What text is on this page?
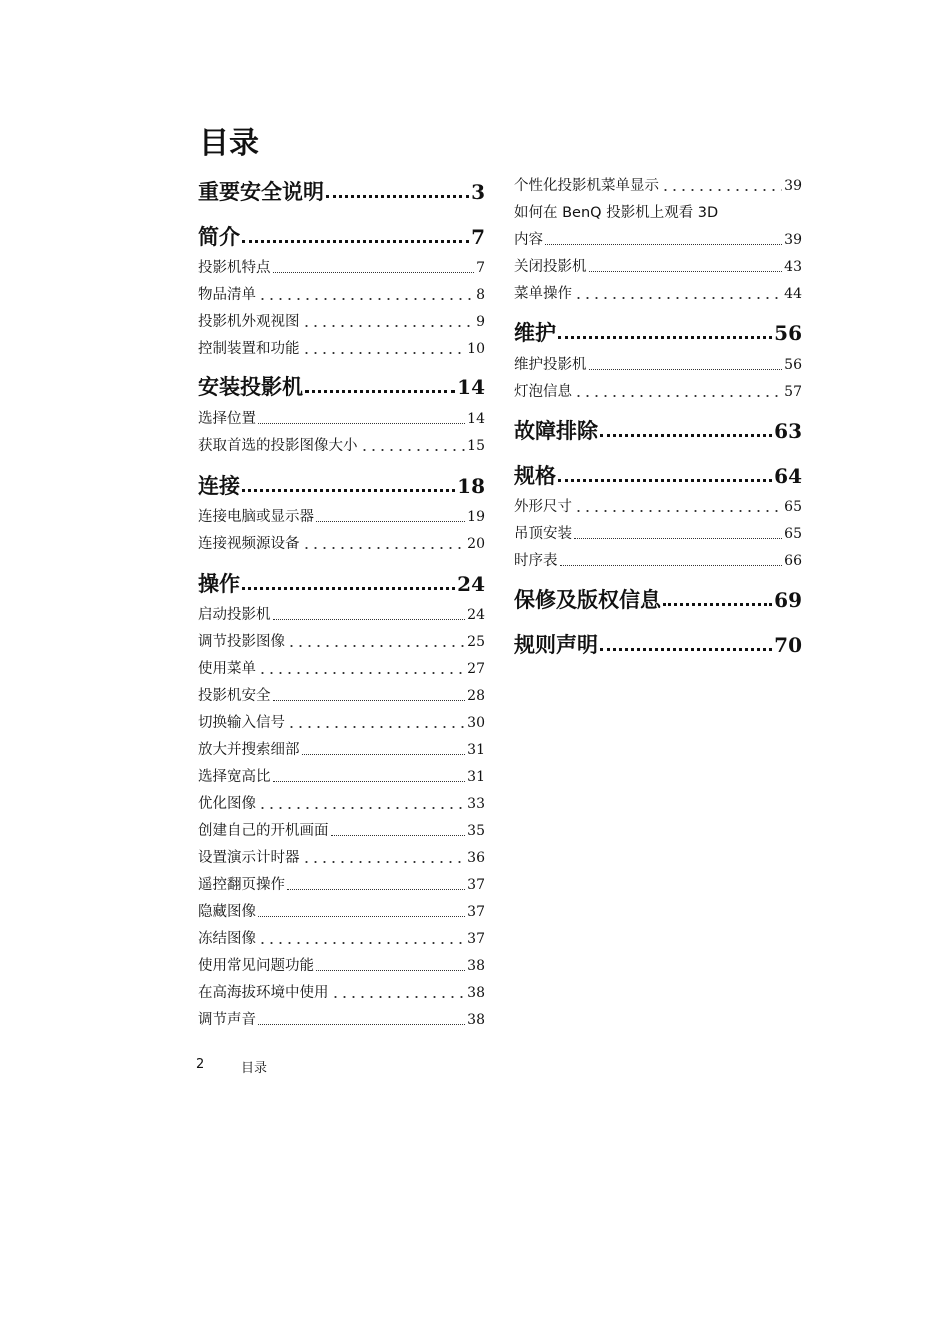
目录
重要安全说明	3
简介	7
投影机特点	7
物品清单	8
投影机外观视图	9
控制装置和功能	10
安装投影机	14
选择位置	14
获取首选的投影图像大小	15
连接	18
连接电脑或显示器	19
连接视频源设备	20
操作	24
启动投影机	24
调节投影图像	25
使用菜单	27
投影机安全	28
切换输入信号	30
放大并搜索细部	31
选择宽高比	31
优化图像	33
创建自己的开机画面	35
设置演示计时器	36
遥控翻页操作	37
隐藏图像	37
冻结图像	37
使用常见问题功能	38
在高海拔环境中使用	38
调节声音	38
个性化投影机菜单显示	39
如何在 BenQ 投影机上观看 3D
内容	39
关闭投影机	43
菜单操作	44
维护	56
维护投影机	56
灯泡信息	57
故障排除	63
规格	64
外形尺寸	65
吊顶安装	65
时序表	66
保修及版权信息	69
规则声明	70
2	目录
